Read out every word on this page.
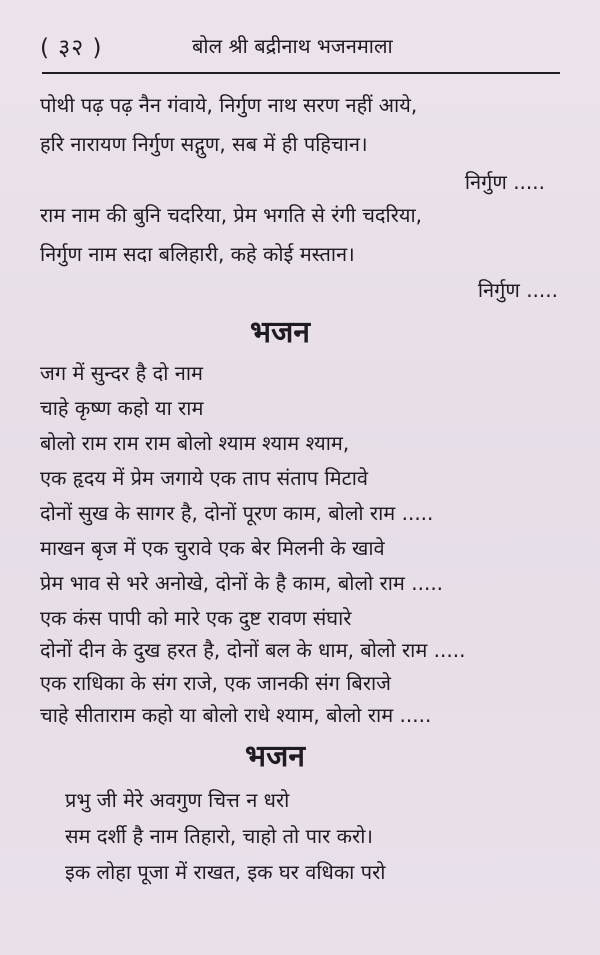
( ३२ )	बोल श्री बद्रीनाथ भजनमाला
पोथी पढ़ पढ़ नैन गंवाये, निर्गुण नाथ सरण नहीं आये,
हरि नारायण निर्गुण सद्गुण, सब में ही पहिचान।
निर्गुण .....
राम नाम की बुनि चदरिया, प्रेम भगति से रंगी चदरिया,
निर्गुण नाम सदा बलिहारी, कहे कोई मस्तान।
निर्गुण .....
भजन
जग में सुन्दर है दो नाम
चाहे कृष्ण कहो या राम
बोलो राम राम राम बोलो श्याम श्याम श्याम,
एक हृदय में प्रेम जगाये एक ताप संताप मिटावे
दोनों सुख के सागर है, दोनों पूरण काम, बोलो राम .....
माखन बृज में एक चुरावे एक बेर मिलनी के खावे
प्रेम भाव से भरे अनोखे, दोनों के है काम, बोलो राम .....
एक कंस पापी को मारे एक दुष्ट रावण संघारे
दोनों दीन के दुख हरत है, दोनों बल के धाम, बोलो राम .....
एक राधिका के संग राजे, एक जानकी संग बिराजे
चाहे सीताराम कहो या बोलो राधे श्याम, बोलो राम .....
भजन
प्रभु जी मेरे अवगुण चित्त न धरो
सम दर्शी है नाम तिहारो, चाहो तो पार करो।
इक लोहा पूजा में राखत, इक घर वधिका परो
